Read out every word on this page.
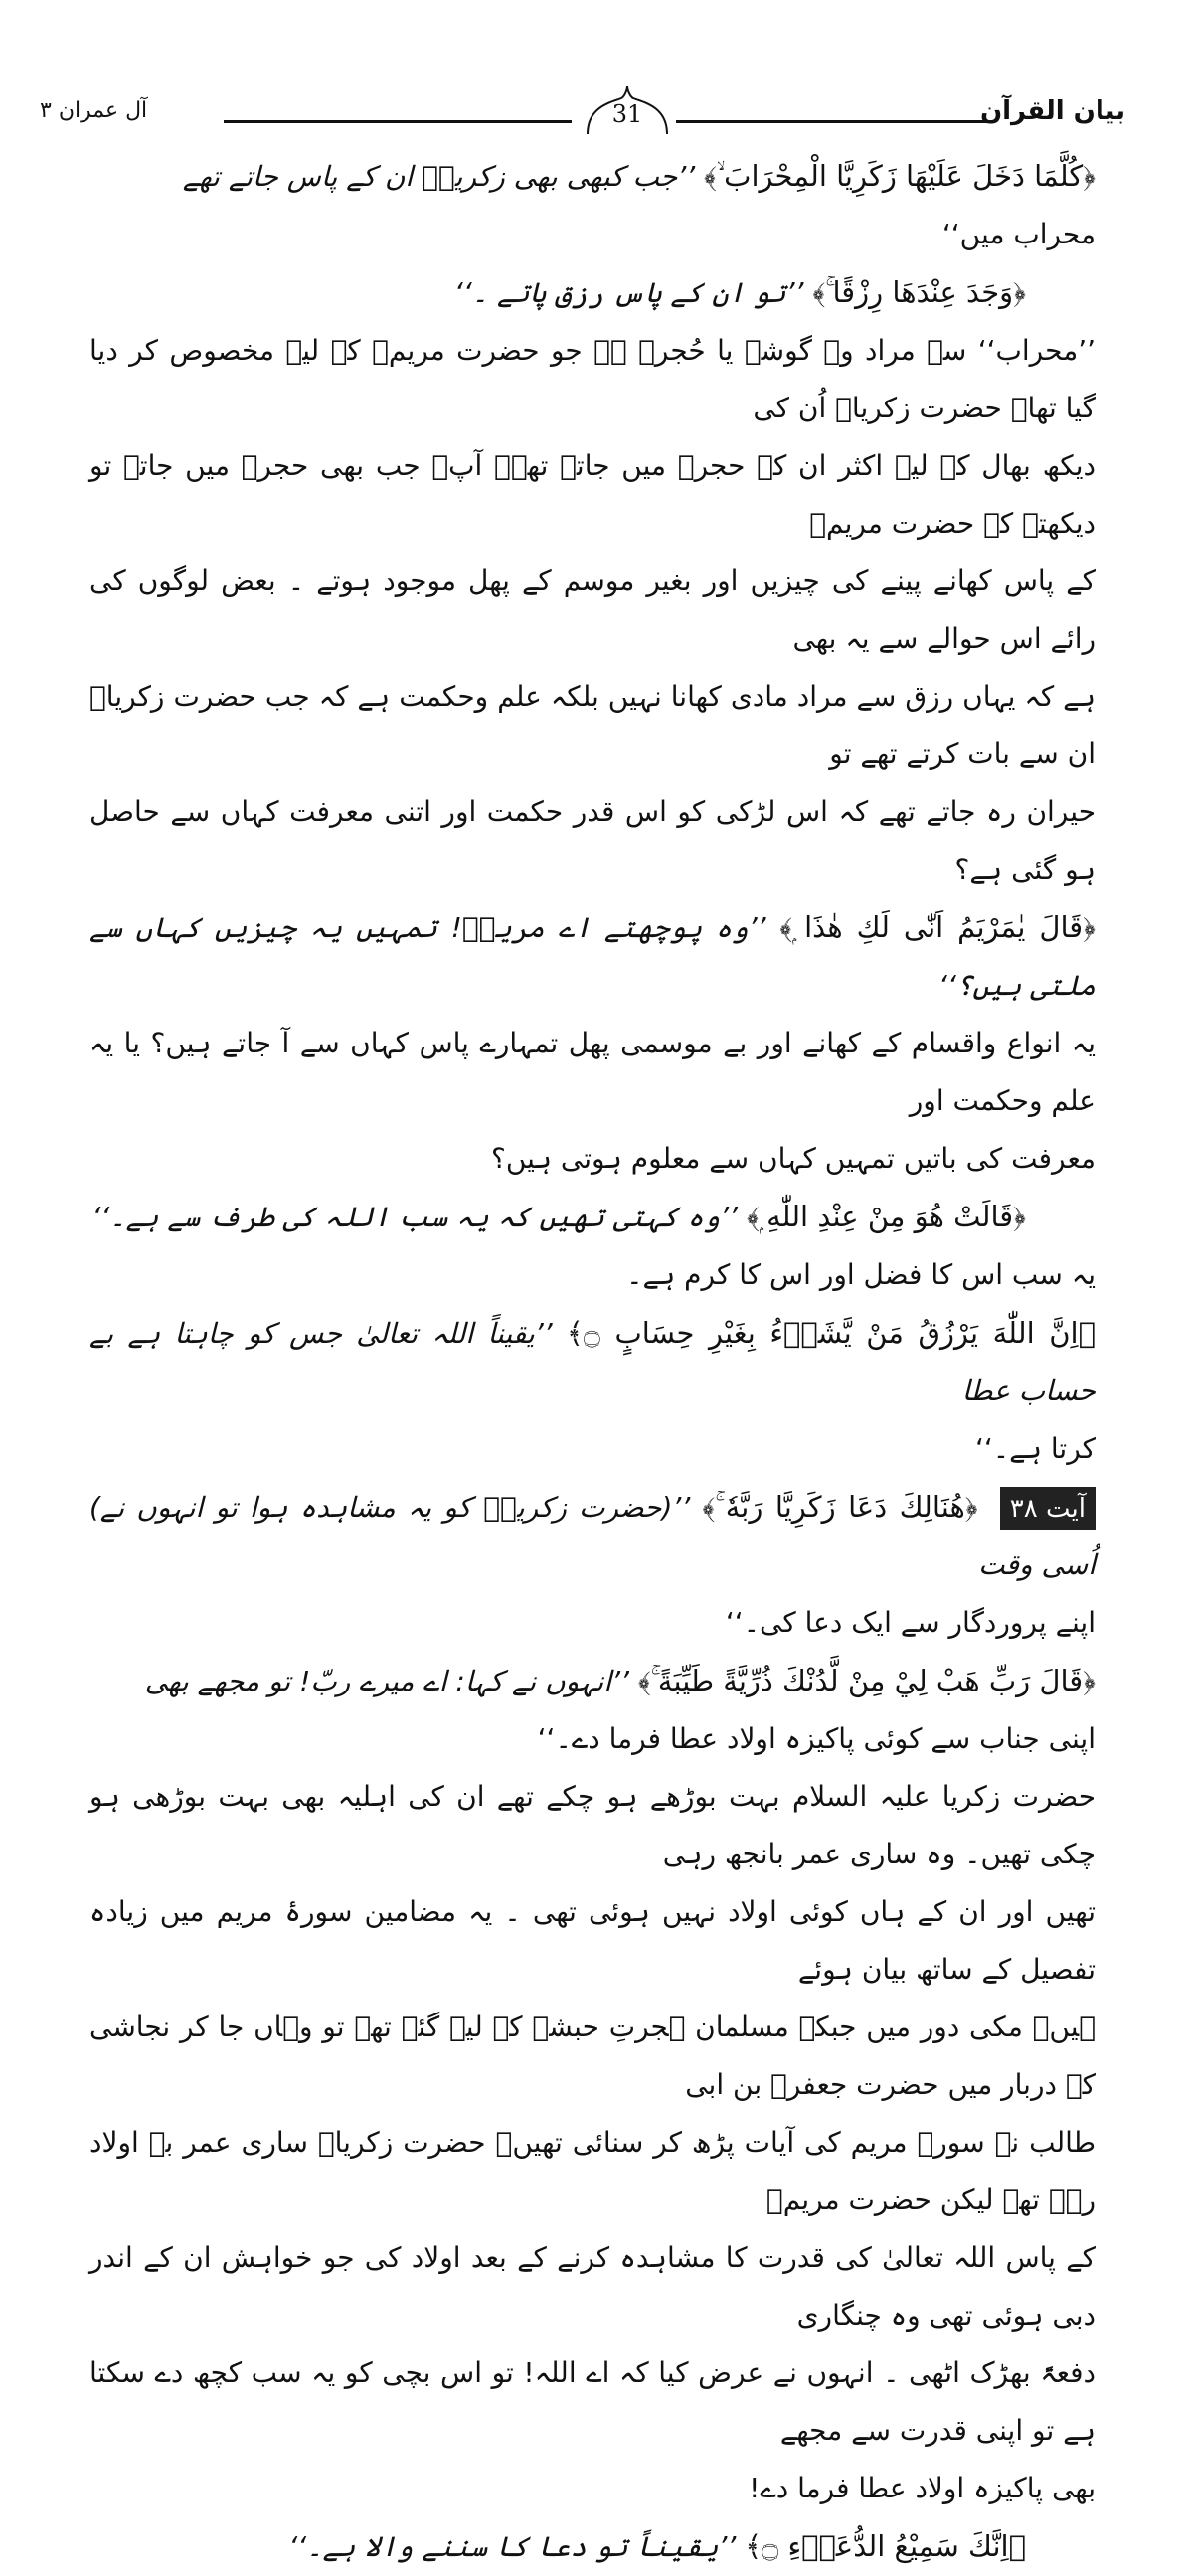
بیان القرآن
31
آل عمران ۳

﴿كُلَّمَا دَخَلَ عَلَيْهَا زَكَرِيَّا الْمِحْرَابَ ۙ﴾ ’’جب کبھی بھی زکریاؑ ان کے پاس جاتے تھے

محراب میں‘‘

﴿وَجَدَ عِنْدَهَا رِزْقًا ۚ﴾ ’’تو ان کے پاس رزق پاتے ۔‘‘

’’محراب‘‘ سے مراد وہ گوشہ یا حُجرہ ہے جو حضرت مریمؑ کے لیے مخصوص کر دیا گیا تھا۔ حضرت زکریاؑ اُن کی

دیکھ بھال کے لیے اکثر ان کے حجرے میں جاتے تھے۔ آپؑ جب بھی حجرے میں جاتے تو دیکھتے کہ حضرت مریمؑ

کے پاس کھانے پینے کی چیزیں اور بغیر موسم کے پھل موجود ہوتے ۔ بعض لوگوں کی رائے اس حوالے سے یہ بھی

ہے کہ یہاں رزق سے مراد مادی کھانا نہیں بلکہ علم وحکمت ہے کہ جب حضرت زکریاؑ ان سے بات کرتے تھے تو

حیران رہ جاتے تھے کہ اس لڑکی کو اس قدر حکمت اور اتنی معرفت کہاں سے حاصل ہو گئی ہے؟

﴿قَالَ يٰمَرْيَمُ اَنّٰى لَكِ هٰذَا ۭ﴾ ’’وہ پوچھتے اے مریمؑ! تمہیں یہ چیزیں کہاں سے ملتی ہیں؟‘‘

یہ انواع واقسام کے کھانے اور بے موسمی پھل تمہارے پاس کہاں سے آ جاتے ہیں؟ یا یہ علم وحکمت اور

معرفت کی باتیں تمہیں کہاں سے معلوم ہوتی ہیں؟

﴿قَالَتْ هُوَ مِنْ عِنْدِ اللّٰهِ ۭ﴾ ’’وہ کہتی تھیں کہ یہ سب اللہ کی طرف سے ہے۔‘‘

یہ سب اس کا فضل اور اس کا کرم ہے۔

﴿اِنَّ اللّٰهَ يَرْزُقُ مَنْ يَّشَاۗءُ بِغَيْرِ حِسَابٍ ۝﴾ ’’یقیناً اللہ تعالیٰ جس کو چاہتا ہے بے حساب عطا

کرتا ہے۔‘‘

آیت ۳۸ ﴿هُنَالِكَ دَعَا زَكَرِيَّا رَبَّهٗ ۚ﴾ ’’(حضرت زکریاؑ کو یہ مشاہدہ ہوا تو انہوں نے) اُسی وقت

اپنے پروردگار سے ایک دعا کی۔‘‘

﴿قَالَ رَبِّ هَبْ لِيْ مِنْ لَّدُنْكَ ذُرِّيَّةً طَيِّبَةً ۚ﴾ ’’انہوں نے کہا: اے میرے ربّ! تو مجھے بھی

اپنی جناب سے کوئی پاکیزہ اولاد عطا فرما دے۔‘‘

حضرت زکریا علیہ السلام بہت بوڑھے ہو چکے تھے ان کی اہلیہ بھی بہت بوڑھی ہو چکی تھیں۔ وہ ساری عمر بانجھ رہی

تھیں اور ان کے ہاں کوئی اولاد نہیں ہوئی تھی ۔ یہ مضامین سورۂ مریم میں زیادہ تفصیل کے ساتھ بیان ہوئے

ہیں۔ مکی دور میں جبکہ مسلمان ہجرتِ حبشہ کے لیے گئے تھے تو وہاں جا کر نجاشی کے دربار میں حضرت جعفرؓ بن ابی

طالب نے سورۂ مریم کی آیات پڑھ کر سنائی تھیں۔ حضرت زکریاؑ ساری عمر بے اولاد رہے تھے لیکن حضرت مریمؑ

کے پاس اللہ تعالیٰ کی قدرت کا مشاہدہ کرنے کے بعد اولاد کی جو خواہش ان کے اندر دبی ہوئی تھی وہ چنگاری

دفعۃً بھڑک اٹھی ۔ انہوں نے عرض کیا کہ اے اللہ! تو اس بچی کو یہ سب کچھ دے سکتا ہے تو اپنی قدرت سے مجھے

بھی پاکیزہ اولاد عطا فرما دے!

﴿اِنَّكَ سَمِيْعُ الدُّعَاۗءِ ۝﴾ ’’یقیناً تو دعا کا سننے والا ہے۔‘‘
